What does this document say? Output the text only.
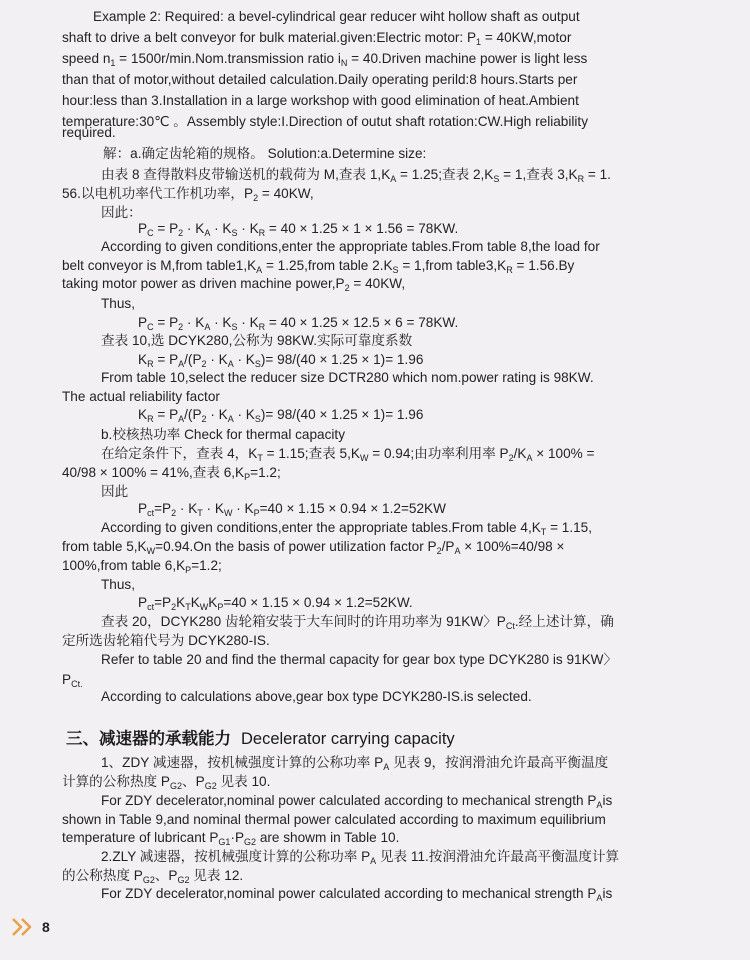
Example 2: Required: a bevel-cylindrical gear reducer wiht hollow shaft as output
shaft to drive a belt conveyor for bulk material.given:Electric motor: $P_1$ = 40KW,motor
speed $n_1$ = 1500r/min.Nom.transmission ratio $i_N$ = 40.Driven machine power is light less
than that of motor,without detailed calculation.Daily operating perild:8 hours.Starts per
hour:less than 3.Installation in a large workshop with good elimination of heat.Ambient
temperature:30℃ 。Assembly style:I.Direction of outut shaft rotation:CW.High reliability
required.
解：a.确定齿轮箱的规格。 Solution:a.Determine size:
由表 8 查得散料皮带输送机的载荷为 M,查表 $1,K_A = 1.25$;查表 $2,K_S = 1$,查表 $3,K_R = 1$.
56.以电机功率代工作机功率，$P_2 = 40KW$,
因此：
$P_C = P_2 \cdot K_A \cdot K_S \cdot K_R = 40 \times 1.25 \times 1 \times 1.56 = 78KW$.
According to given conditions,enter the appropriate tables.From table 8,the load for
belt conveyor is M,from $table1,K_A$ = 1.25,from table $2.K_S$ = 1,from $table3,K_R = 1.56.By$
taking motor power as driven machine $power,P_2 = 40KW$,
Thus,
$P_C = P_2 \cdot K_A \cdot K_S \cdot K_R = 40 \times 1.25 \times 12.5 \times 6 = 78KW$.
查表 10,选 DCYK280,公称为 98KW.实际可靠度系数
$K_R = P_A/(P_2 \cdot K_A \cdot K_S)= 98/(40 \times 1.25 \times 1)= 1.96$
From table 10,select the reducer size DCTR280 which nom.power rating is 98KW.
The actual reliability factor
$K_R = P_A/(P_2 \cdot K_A \cdot K_S)= 98/(40 \times 1.25 \times 1)= 1.96$
b.校核热功率 Check for thermal capacity
在给定条件下，查表 4，$K_T = 1.15$;查表 $5,K_W = 0.94$;由功率利用率 $P_2/K_A \times 100\%$ =
40/98 × 100% = 41%,查表 $6,K_P=1.2$;
因此
$P_{ct}=P_2 \cdot K_T \cdot K_W \cdot K_P=40 \times 1.15 \times 0.94 \times 1.2=52KW$
According to given conditions,enter the appropriate tables.From table $4,K_T = 1.15$,
from table $5,K_W=0.94.On$ the basis of power utilization factor $P_2/P_A \times 100\%=40/98$ ×
100%,from table $6,K_P=1.2$;
Thus,
$P_{ct}=P_2K_TK_WK_P=40 \times 1.15 \times 0.94 \times 1.2=52KW$.
查表 20，DCYK280 齿轮箱安装于大车间时的许用功率为 91KW〉$P_{Ct}$.经上述计算，确
定所选齿轮箱代号为 DCYK280-IS.
Refer to table 20 and find the thermal capacity for gear box type DCYK280 is 91KW〉
$P_{Ct.}$
According to calculations above,gear box type DCYK280-IS.is selected.
1、ZDY 减速器，按机械强度计算的公称功率 $P_A$ 见表 9，按润滑油允许最高平衡温度
计算的公称热度 $P_{G2}$、$P_{G2}$ 见表 10.
For ZDY decelerator,nominal power calculated according to mechanical strength $P_Ais$
shown in Table 9,and nominal thermal power calculated according to maximum equilibrium
temperature of lubricant $P_{G1}\cdot P_{G2}$ are showm in Table 10.
2.ZLY 减速器，按机械强度计算的公称功率 $P_A$ 见表 11.按润滑油允许最高平衡温度计算
的公称热度 $P_{G2}$、$P_{G2}$ 见表 12.
For ZDY decelerator,nominal power calculated according to mechanical strength $P_Ais$
三、减速器的承载能力 Decelerator carrying capacity
8
